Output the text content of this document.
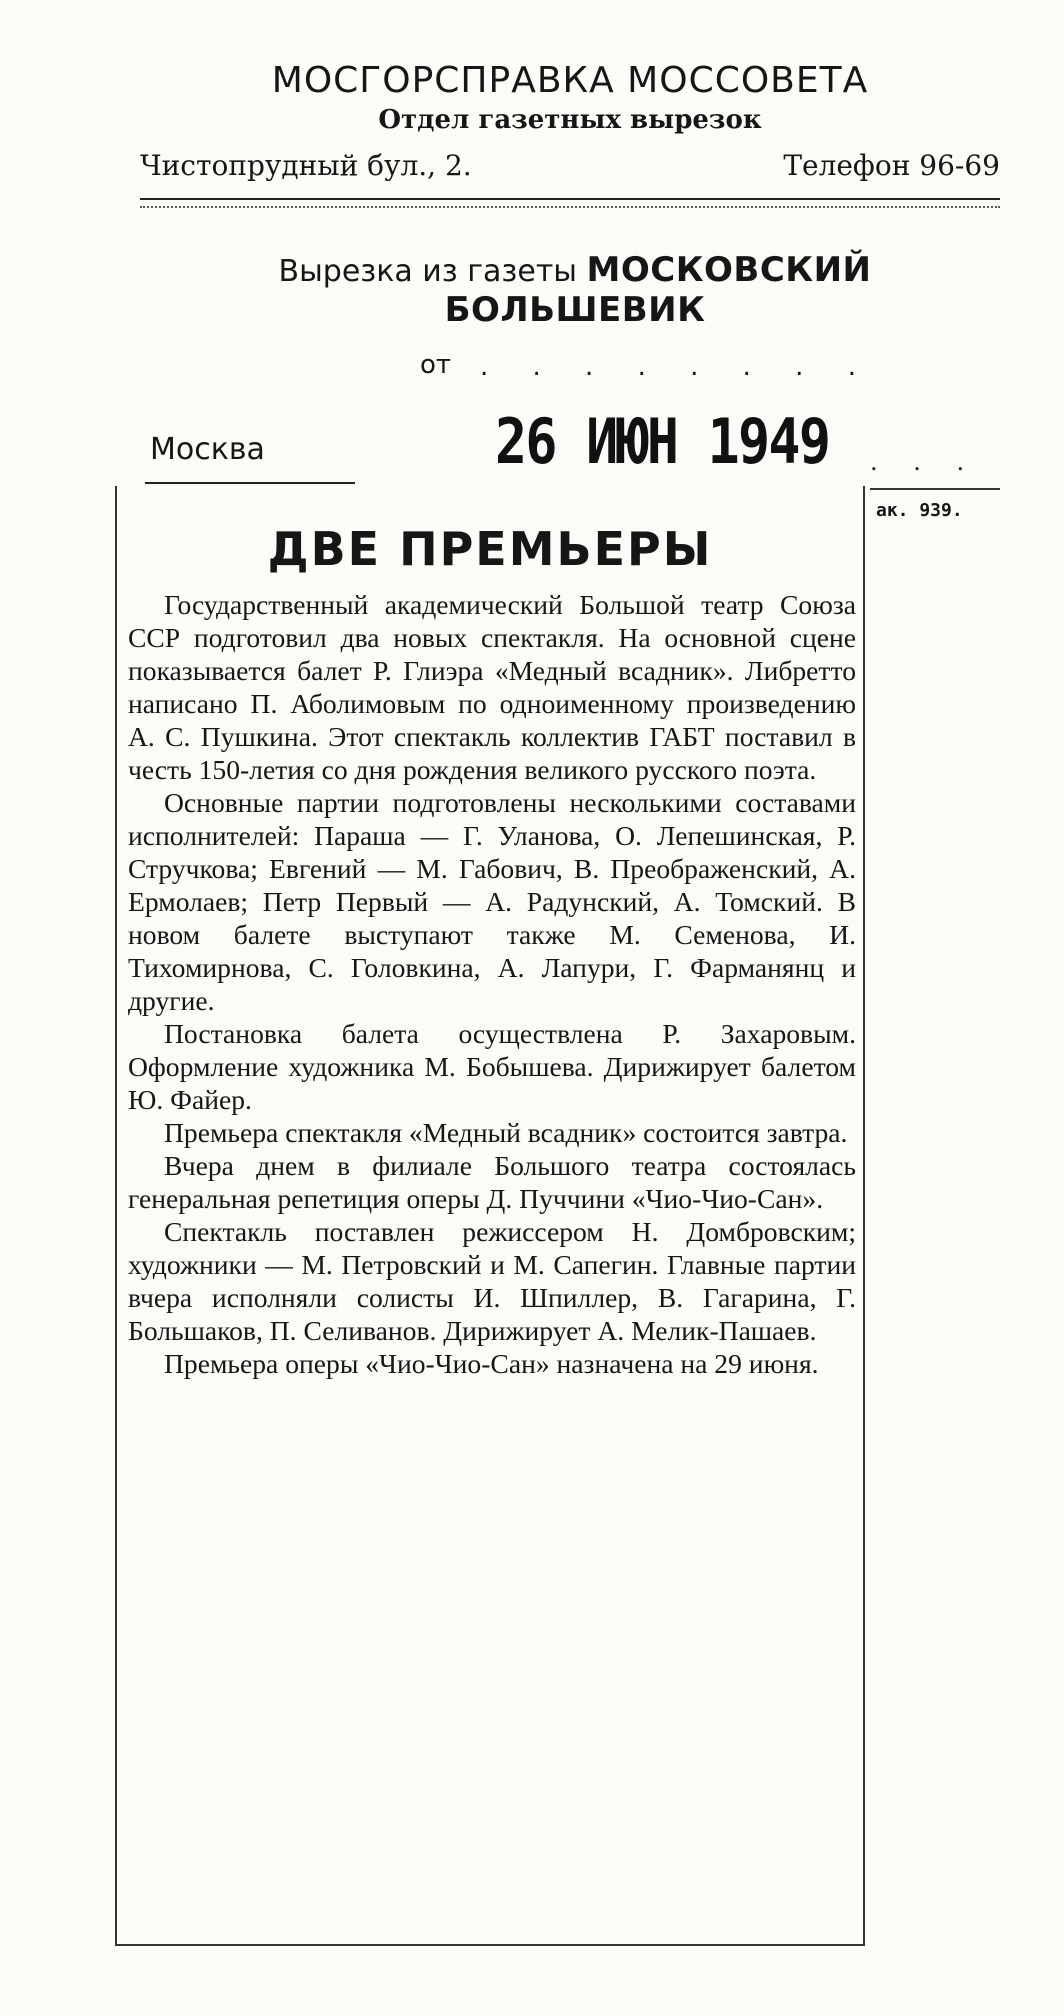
МОСГОРСПРАВКА МОССОВЕТА
Отдел газетных вырезок
Чистопрудный бул., 2.	Телефон 96-69
Вырезка из газеты МОСКОВСКИЙ БОЛЬШЕВИК
от . . . . . . . .
Москва	26 ИЮН 1949 . . .
ак. 939.
ДВЕ ПРЕМЬЕРЫ

Государственный академический Большой театр Союза ССР подготовил два новых спектакля. На основной сцене показывается балет Р. Глиэра «Медный всадник». Либретто написано П. Аболимовым по одноименному произведению А. С. Пушкина. Этот спектакль коллектив ГАБТ поставил в честь 150-летия со дня рождения великого русского поэта.

Основные партии подготовлены несколькими составами исполнителей: Параша — Г. Уланова, О. Лепешинская, Р. Стручкова; Евгений — М. Габович, В. Преображенский, А. Ермолаев; Петр Первый — А. Радунский, А. Томский. В новом балете выступают также М. Семенова, И. Тихомирнова, С. Головкина, А. Лапури, Г. Фарманянц и другие.

Постановка балета осуществлена Р. Захаровым. Оформление художника М. Бобышева. Дирижирует балетом Ю. Файер.

Премьера спектакля «Медный всадник» состоится завтра.

Вчера днем в филиале Большого театра состоялась генеральная репетиция оперы Д. Пуччини «Чио-Чио-Сан».

Спектакль поставлен режиссером Н. Домбровским; художники — М. Петровский и М. Сапегин. Главные партии вчера исполняли солисты И. Шпиллер, В. Гагарина, Г. Большаков, П. Селиванов. Дирижирует А. Мелик-Пашаев.

Премьера оперы «Чио-Чио-Сан» назначена на 29 июня.
